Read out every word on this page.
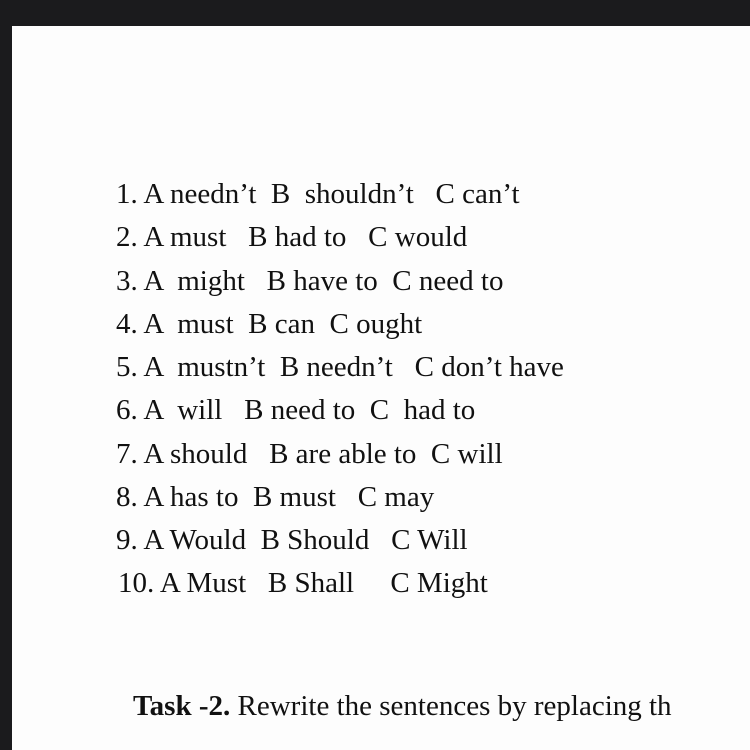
1. A needn’t  B  shouldn’t   C can’t
2. A must   B had to   C would
3. A  might   B have to  C need to
4. A  must  B can  C ought
5. A  mustn’t  B needn’t   C don’t have
6. A  will   B need to  C  had to
7. A should   B are able to  C will
8. A has to  B must   C may
9. A Would  B Should   C Will
10. A Must   B Shall     C Might
Task -2. Rewrite the sentences by replacing th
